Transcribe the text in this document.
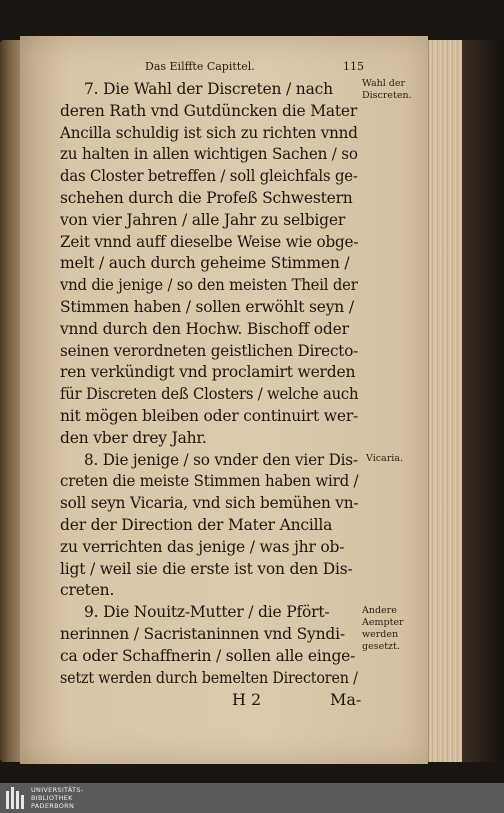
Das Eilffte Capittel.	115
7. Die Wahl der Discreten / nach
deren Rath vnd Gutdüncken die Mater
Ancilla schuldig ist sich zu richten vnnd
zu halten in allen wichtigen Sachen / so
das Closter betreffen / soll gleichfals ge-
schehen durch die Profeß Schwestern
von vier Jahren / alle Jahr zu selbiger
Zeit vnnd auff dieselbe Weise wie obge-
melt / auch durch geheime Stimmen /
vnd die jenige / so den meisten Theil der
Stimmen haben / sollen erwöhlt seyn /
vnnd durch den Hochw. Bischoff oder
seinen verordneten geistlichen Directo-
ren verkündigt vnd proclamirt werden
für Discreten deß Closters / welche auch
nit mögen bleiben oder continuirt wer-
den vber drey Jahr.
8. Die jenige / so vnder den vier Dis-
creten die meiste Stimmen haben wird /
soll seyn Vicaria, vnd sich bemühen vn-
der der Direction der Mater Ancilla
zu verrichten das jenige / was jhr ob-
ligt / weil sie die erste ist von den Dis-
creten.
9. Die Nouitz-Mutter / die Pfört-
nerinnen / Sacristaninnen vnd Syndi-
ca oder Schaffnerin / sollen alle einge-
setzt werden durch bemelten Directoren /
Wahl der
Discreten.
Vicaria.
Andere
Aempter
werden
gesetzt.
H 2	Ma-
UNIVERSITÄTS-
BIBLIOTHEK
PADERBORN
